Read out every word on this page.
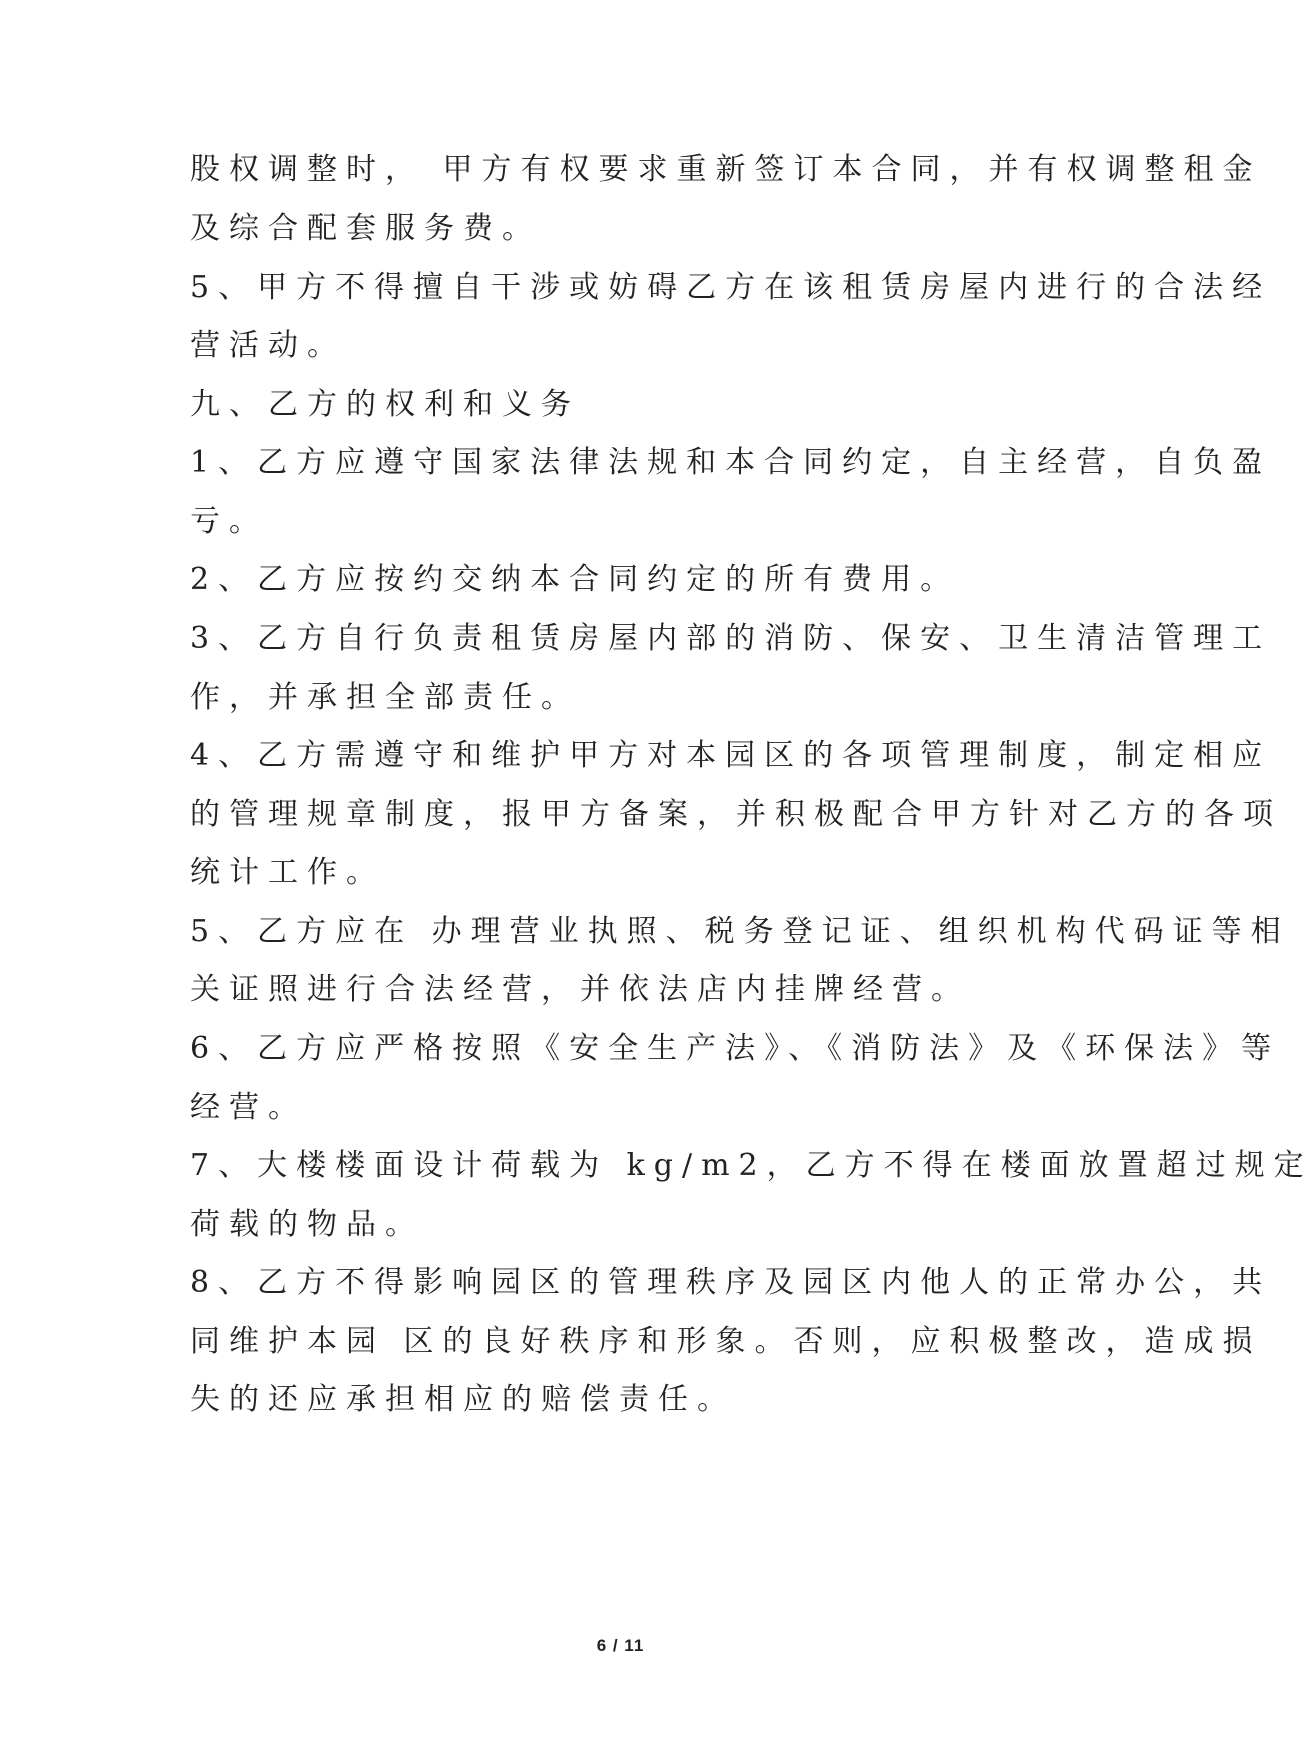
股权调整时， 甲方有权要求重新签订本合同，并有权调整租金
及综合配套服务费。
5、甲方不得擅自干涉或妨碍乙方在该租赁房屋内进行的合法经
营活动。
九、乙方的权利和义务
1、乙方应遵守国家法律法规和本合同约定，自主经营，自负盈
亏。
2、乙方应按约交纳本合同约定的所有费用。
3、乙方自行负责租赁房屋内部的消防、保安、卫生清洁管理工
作，并承担全部责任。
4、乙方需遵守和维护甲方对本园区的各项管理制度，制定相应
的管理规章制度，报甲方备案，并积极配合甲方针对乙方的各项
统计工作。
5、乙方应在 办理营业执照、税务登记证、组织机构代码证等相
关证照进行合法经营，并依法店内挂牌经营。
6、乙方应严格按照《安全生产法》、《消防法》及《环保法》等
经营。
7、大楼楼面设计荷载为 kg/m2，乙方不得在楼面放置超过规定
荷载的物品。
8、乙方不得影响园区的管理秩序及园区内他人的正常办公，共
同维护本园 区的良好秩序和形象。否则，应积极整改，造成损
失的还应承担相应的赔偿责任。
6 / 11
